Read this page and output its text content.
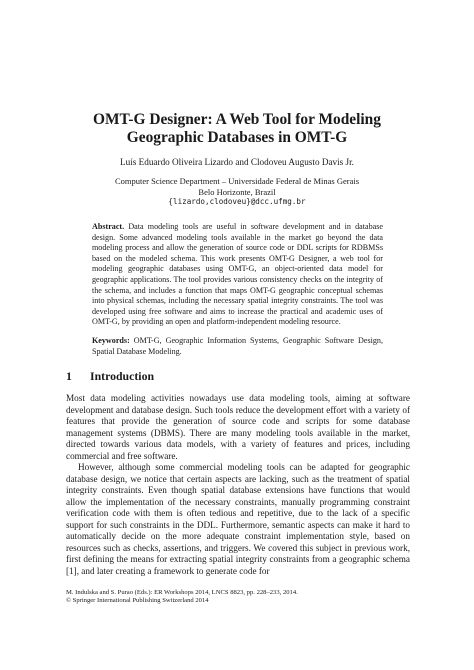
OMT-G Designer: A Web Tool for Modeling
Geographic Databases in OMT-G
Luís Eduardo Oliveira Lizardo and Clodoveu Augusto Davis Jr.
Computer Science Department – Universidade Federal de Minas Gerais
Belo Horizonte, Brazil
{lizardo,clodoveu}@dcc.ufmg.br

Abstract. Data modeling tools are useful in software development and in database design. Some advanced modeling tools available in the market go beyond the data modeling process and allow the generation of source code or DDL scripts for RDBMSs based on the modeled schema. This work presents OMT-G Designer, a web tool for modeling geographic databases using OMT-G, an object-oriented data model for geographic applications. The tool provides various consistency checks on the integrity of the schema, and includes a function that maps OMT-G geographic conceptual schemas into physical schemas, including the necessary spatial integrity constraints. The tool was developed using free software and aims to increase the practical and academic uses of OMT-G, by providing an open and platform-independent modeling resource.

Keywords: OMT-G, Geographic Information Systems, Geographic Software Design, Spatial Database Modeling.

1 Introduction

Most data modeling activities nowadays use data modeling tools, aiming at software development and database design. Such tools reduce the development effort with a variety of features that provide the generation of source code and scripts for some database management systems (DBMS). There are many modeling tools available in the market, directed towards various data models, with a variety of features and prices, including commercial and free software.

However, although some commercial modeling tools can be adapted for geographic database design, we notice that certain aspects are lacking, such as the treatment of spatial integrity constraints. Even though spatial database extensions have functions that would allow the implementation of the necessary constraints, manually programming constraint verification code with them is often tedious and repetitive, due to the lack of a specific support for such constraints in the DDL. Furthermore, semantic aspects can make it hard to automatically decide on the more adequate constraint implementation style, based on resources such as checks, assertions, and triggers. We covered this subject in previous work, first defining the means for extracting spatial integrity constraints from a geographic schema [1], and later creating a framework to generate code for

M. Indulska and S. Purao (Eds.): ER Workshops 2014, LNCS 8823, pp. 228–233, 2014.
© Springer International Publishing Switzerland 2014
